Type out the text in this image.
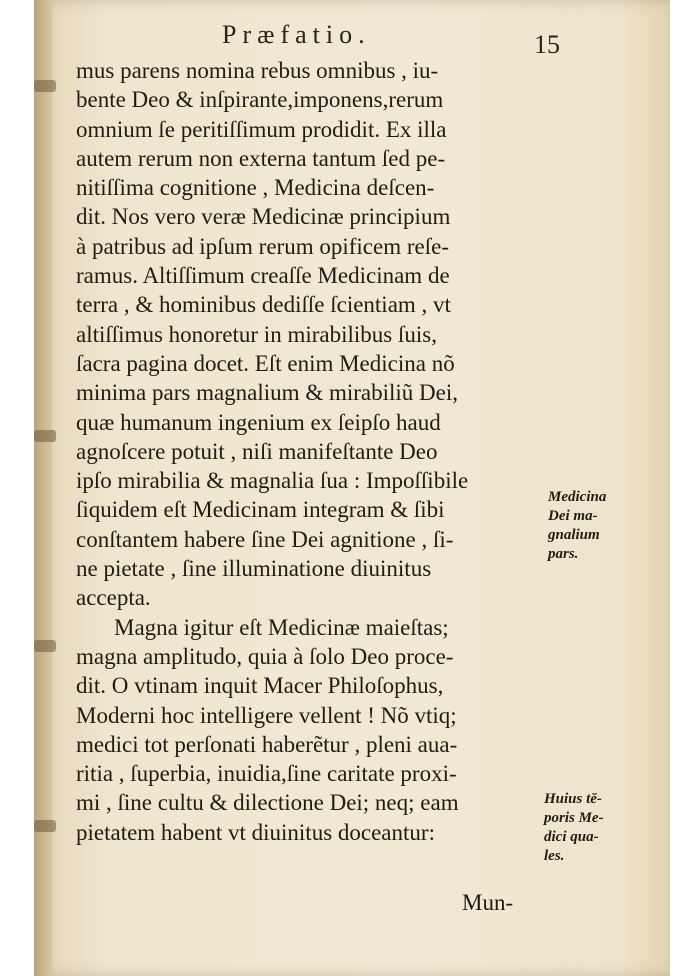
Præfatio.	15
mus parens nomina rebus omnibus , iu-
bente Deo & inſpirante,imponens,rerum
omnium ſe peritiſſimum prodidit. Ex illa
autem rerum non externa tantum ſed pe-
nitiſſima cognitione , Medicina deſcen-
dit. Nos vero veræ Medicinæ principium
à patribus ad ipſum rerum opificem reſe-
ramus. Altiſſimum creaſſe Medicinam de
terra , & hominibus dediſſe ſcientiam , vt
altiſſimus honoretur in mirabilibus ſuis,
ſacra pagina docet. Eſt enim Medicina nõ
minima pars magnalium & mirabiliũ Dei,
quæ humanum ingenium ex ſeipſo haud
agnoſcere potuit , niſi manifeſtante Deo
ipſo mirabilia & magnalia ſua : Impoſſibile
ſiquidem eſt Medicinam integram & ſibi
conſtantem habere ſine Dei agnitione , ſi-
ne pietate , ſine illuminatione diuinitus
accepta.
Magna igitur eſt Medicinæ maieſtas;
magna amplitudo, quia à ſolo Deo proce-
dit. O vtinam inquit Macer Philoſophus,
Moderni hoc intelligere vellent ! Nõ vtiq;
medici tot perſonati haberẽtur , pleni aua-
ritia , ſuperbia, inuidia,ſine caritate proxi-
mi , ſine cultu & dilectione Dei; neq; eam
pietatem habent vt diuinitus doceantur:
Mun-
Medicina
Dei ma-
gnalium
pars.
Huius tē-
poris Me-
dici qua-
les.
